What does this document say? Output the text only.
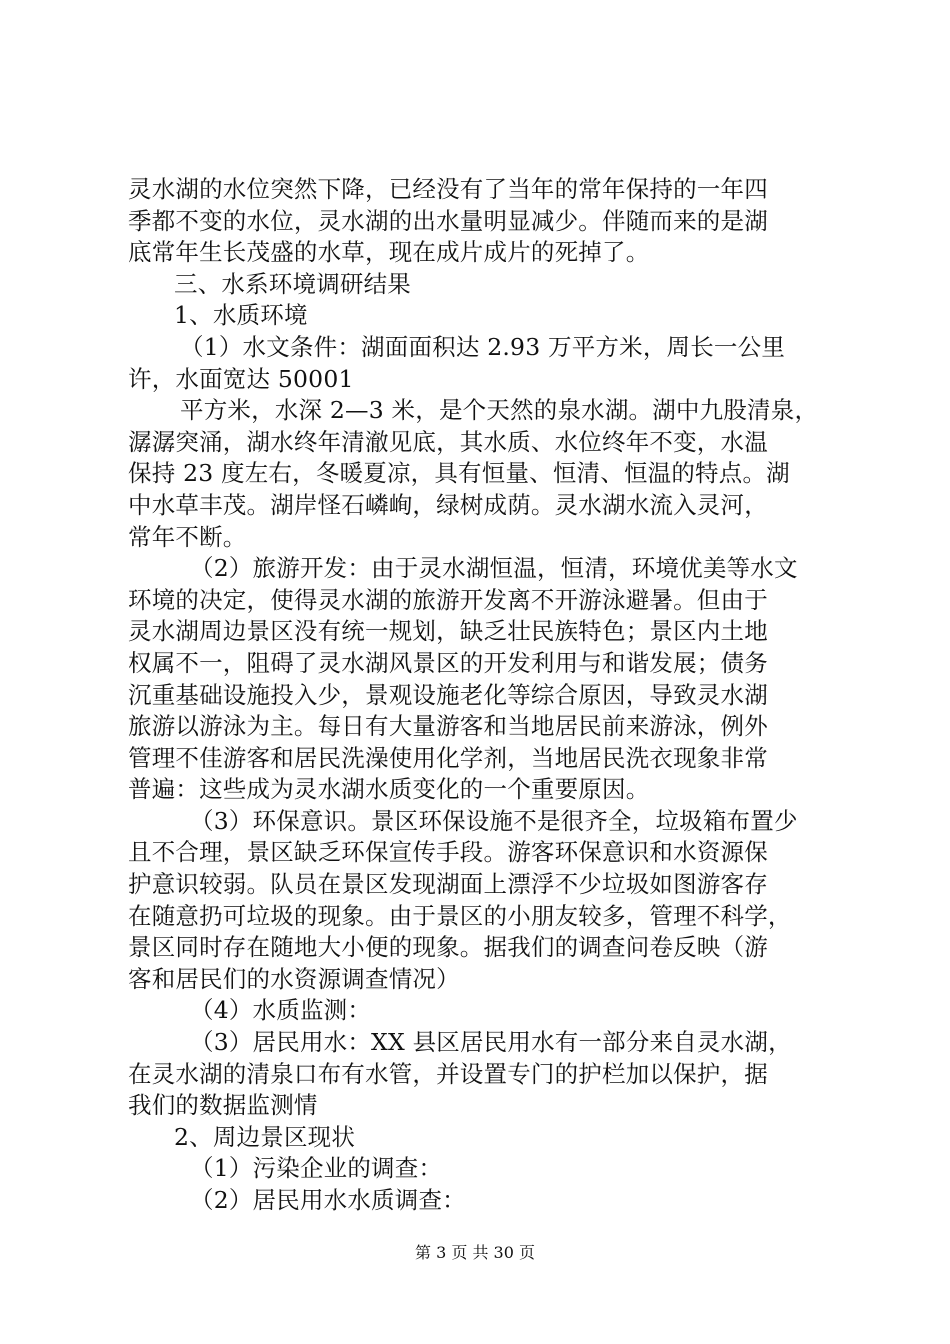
灵水湖的水位突然下降，已经没有了当年的常年保持的一年四
季都不变的水位，灵水湖的出水量明显减少。伴随而来的是湖
底常年生长茂盛的水草，现在成片成片的死掉了。
三、水系环境调研结果
1、水质环境
（1）水文条件：湖面面积达 2.93 万平方米，周长一公里
许，水面宽达 50001
平方米，水深 2—3 米，是个天然的泉水湖。湖中九股清泉，
潺潺突涌，湖水终年清澈见底，其水质、水位终年不变，水温
保持 23 度左右，冬暖夏凉，具有恒量、恒清、恒温的特点。湖
中水草丰茂。湖岸怪石嶙峋，绿树成荫。灵水湖水流入灵河，
常年不断。
（2）旅游开发：由于灵水湖恒温，恒清，环境优美等水文
环境的决定，使得灵水湖的旅游开发离不开游泳避暑。但由于
灵水湖周边景区没有统一规划，缺乏壮民族特色；景区内土地
权属不一，阻碍了灵水湖风景区的开发利用与和谐发展；债务
沉重基础设施投入少，景观设施老化等综合原因，导致灵水湖
旅游以游泳为主。每日有大量游客和当地居民前来游泳，例外
管理不佳游客和居民洗澡使用化学剂，当地居民洗衣现象非常
普遍：这些成为灵水湖水质变化的一个重要原因。
（3）环保意识。景区环保设施不是很齐全，垃圾箱布置少
且不合理，景区缺乏环保宣传手段。游客环保意识和水资源保
护意识较弱。队员在景区发现湖面上漂浮不少垃圾如图游客存
在随意扔可垃圾的现象。由于景区的小朋友较多，管理不科学，
景区同时存在随地大小便的现象。据我们的调查问卷反映（游
客和居民们的水资源调查情况）
（4）水质监测：
（3）居民用水：XX 县区居民用水有一部分来自灵水湖，
在灵水湖的清泉口布有水管，并设置专门的护栏加以保护，据
我们的数据监测情
2、周边景区现状
（1）污染企业的调查：
（2）居民用水水质调查：
第 3 页 共 30 页
